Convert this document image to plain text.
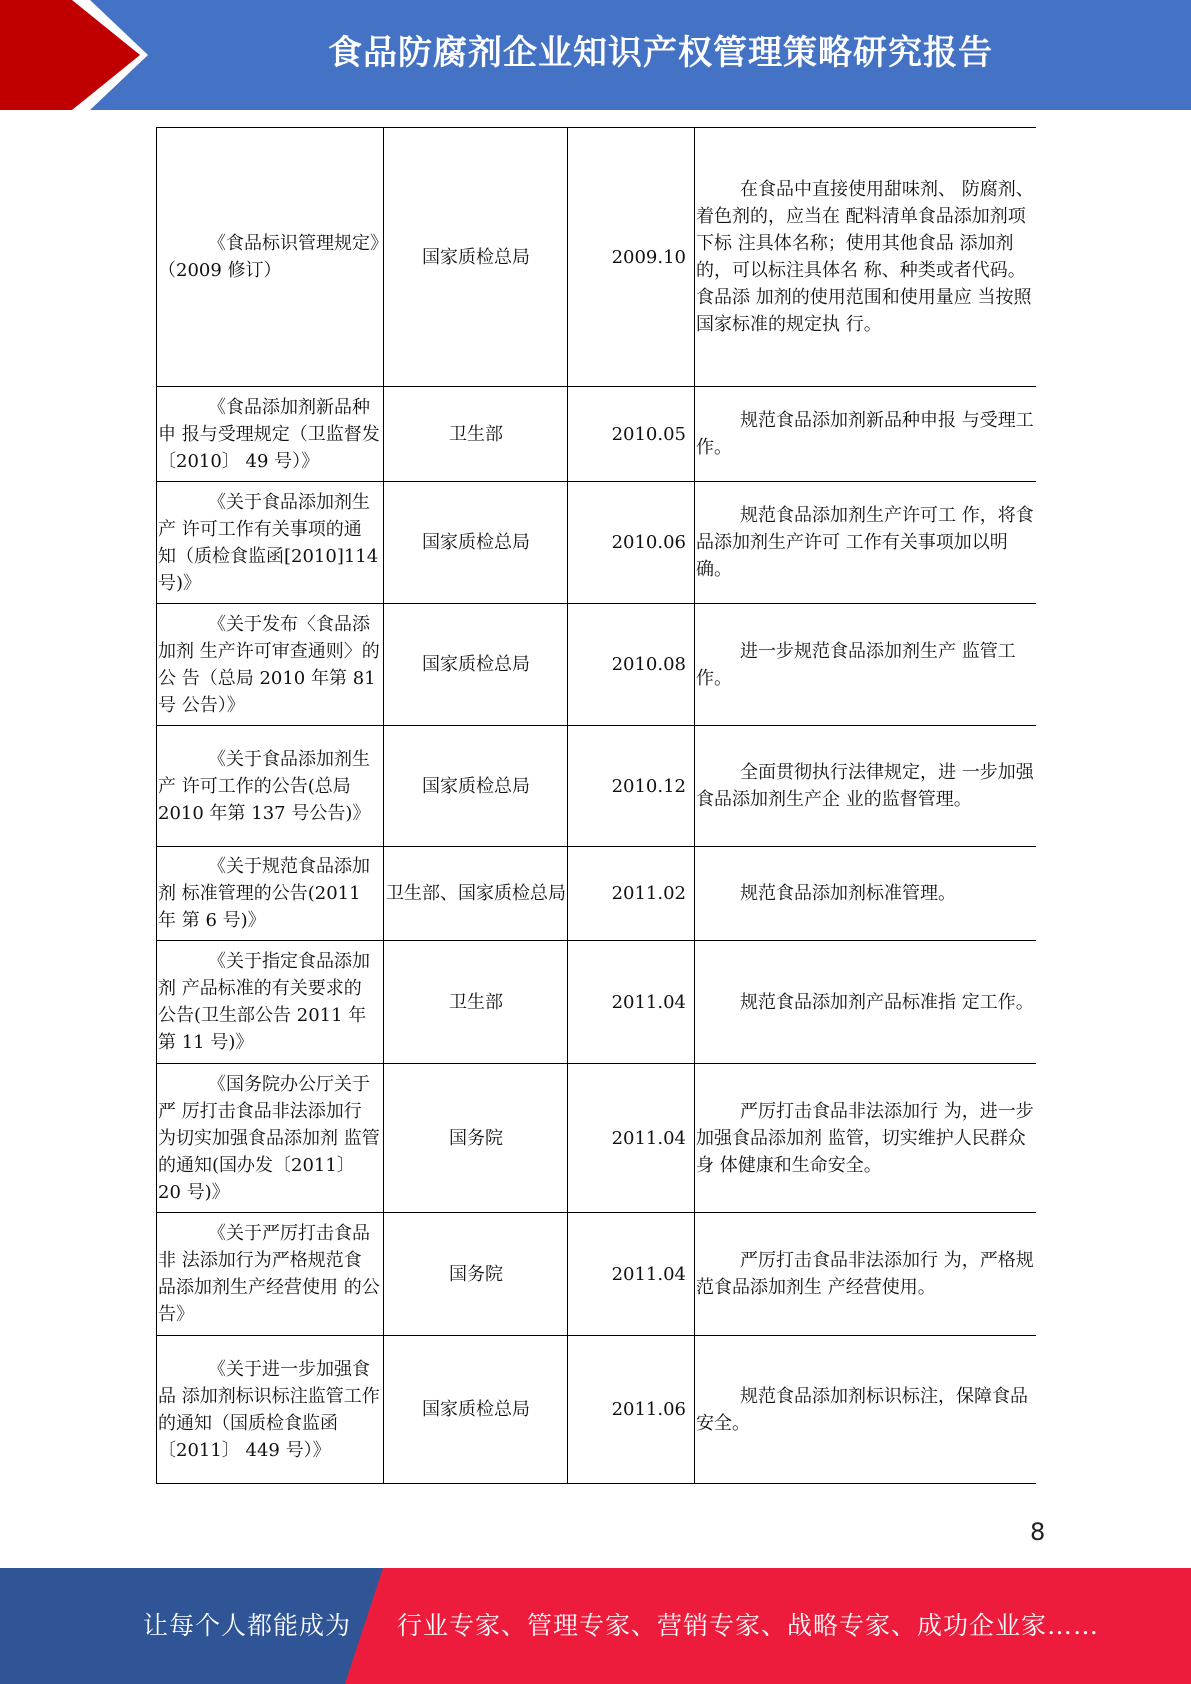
食品防腐剂企业知识产权管理策略研究报告
《食品标识管理规定》（2009 修订）	国家质检总局	2009.10	在食品中直接使用甜味剂、 防腐剂、着色剂的，应当在 配料清单食品添加剂项下标 注具体名称；使用其他食品 添加剂的，可以标注具体名 称、种类或者代码。食品添 加剂的使用范围和使用量应 当按照国家标准的规定执 行。
《食品添加剂新品种申 报与受理规定（卫监督发〔2010〕 49 号）》	卫生部	2010.05	规范食品添加剂新品种申报 与受理工作。
《关于食品添加剂生产 许可工作有关事项的通 知（质检食监函[2010]114 号)》	国家质检总局	2010.06	规范食品添加剂生产许可工 作，将食品添加剂生产许可 工作有关事项加以明确。
《关于发布〈食品添加剂 生产许可审查通则〉的公 告（总局 2010 年第 81 号 公告）》	国家质检总局	2010.08	进一步规范食品添加剂生产 监管工作。
《关于食品添加剂生产 许可工作的公告(总局2010 年第 137 号公告)》	国家质检总局	2010.12	全面贯彻执行法律规定，进 一步加强食品添加剂生产企 业的监督管理。
《关于规范食品添加剂 标准管理的公告(2011 年 第 6 号)》	卫生部、国家质检总局	2011.02	规范食品添加剂标准管理。
《关于指定食品添加剂 产品标准的有关要求的 公告(卫生部公告 2011 年 第 11 号)》	卫生部	2011.04	规范食品添加剂产品标准指 定工作。
《国务院办公厅关于严 厉打击食品非法添加行 为切实加强食品添加剂 监管的通知(国办发〔2011〕 20 号)》	国务院	2011.04	严厉打击食品非法添加行 为，进一步加强食品添加剂 监管，切实维护人民群众身 体健康和生命安全。
《关于严厉打击食品非 法添加行为严格规范食 品添加剂生产经营使用 的公告》	国务院	2011.04	严厉打击食品非法添加行 为，严格规范食品添加剂生 产经营使用。
《关于进一步加强食品 添加剂标识标注监管工作的通知（国质检食监函〔2011〕 449 号）》	国家质检总局	2011.06	规范食品添加剂标识标注，保障食品安全。
8
让每个人都能成为 行业专家、管理专家、营销专家、战略专家、成功企业家……
